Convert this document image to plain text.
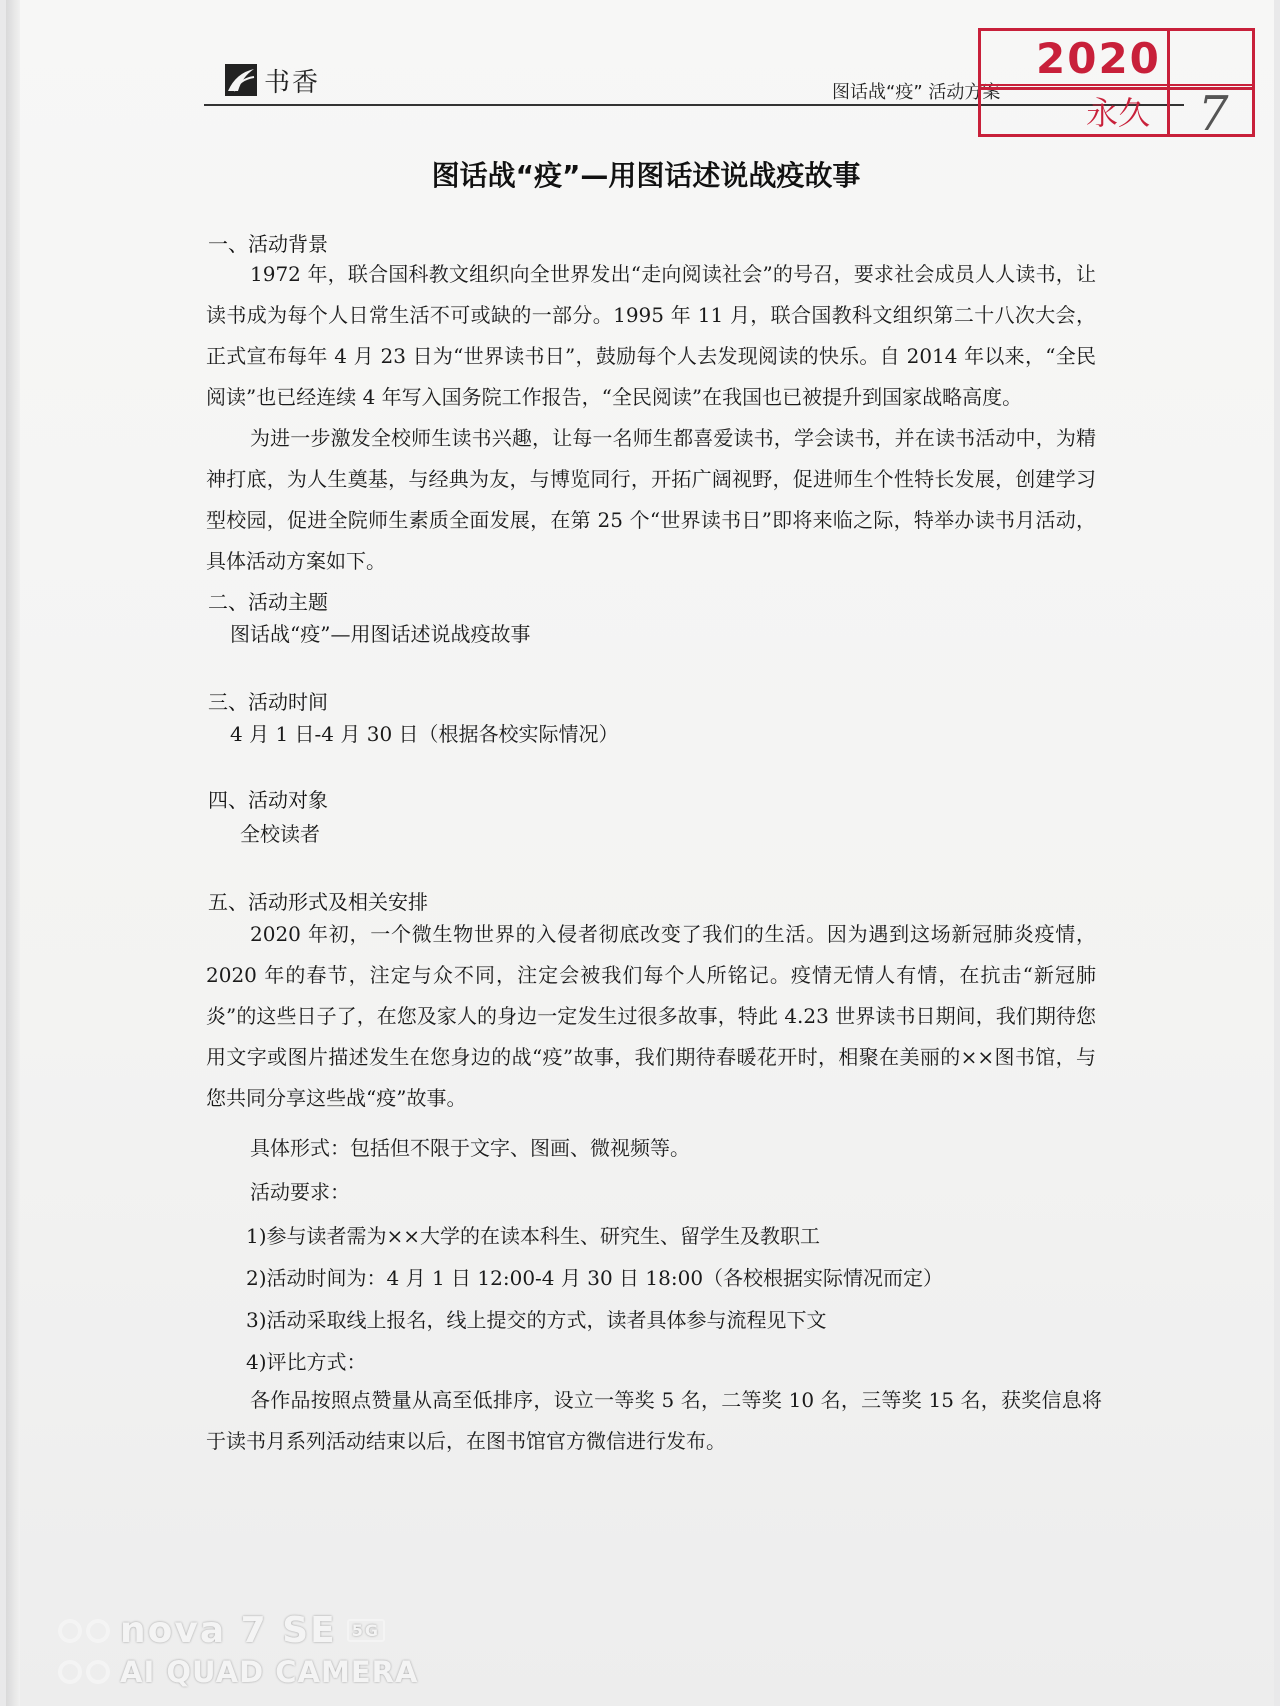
书香	图话战“疫” 活动方案
2020
永久 7
图话战“疫”—用图话述说战疫故事
一、活动背景
1972 年，联合国科教文组织向全世界发出“走向阅读社会”的号召，要求社会成员人人读书，让读书成为每个人日常生活不可或缺的一部分。1995 年 11 月，联合国教科文组织第二十八次大会，正式宣布每年 4 月 23 日为“世界读书日”，鼓励每个人去发现阅读的快乐。自 2014 年以来，“全民阅读”也已经连续 4 年写入国务院工作报告，“全民阅读”在我国也已被提升到国家战略高度。
为进一步激发全校师生读书兴趣，让每一名师生都喜爱读书，学会读书，并在读书活动中，为精神打底，为人生奠基，与经典为友，与博览同行，开拓广阔视野，促进师生个性特长发展，创建学习型校园，促进全院师生素质全面发展，在第 25 个“世界读书日”即将来临之际，特举办读书月活动，具体活动方案如下。
二、活动主题
图话战“疫”—用图话述说战疫故事
三、活动时间
4 月 1 日-4 月 30 日（根据各校实际情况）
四、活动对象
全校读者
五、活动形式及相关安排
2020 年初，一个微生物世界的入侵者彻底改变了我们的生活。因为遇到这场新冠肺炎疫情，2020 年的春节，注定与众不同，注定会被我们每个人所铭记。疫情无情人有情，在抗击“新冠肺炎”的这些日子了，在您及家人的身边一定发生过很多故事，特此 4.23 世界读书日期间，我们期待您用文字或图片描述发生在您身边的战“疫”故事，我们期待春暖花开时，相聚在美丽的××图书馆，与您共同分享这些战“疫”故事。
具体形式：包括但不限于文字、图画、微视频等。
活动要求：
1)参与读者需为××大学的在读本科生、研究生、留学生及教职工
2)活动时间为：4 月 1 日 12:00-4 月 30 日 18:00（各校根据实际情况而定）
3)活动采取线上报名，线上提交的方式，读者具体参与流程见下文
4)评比方式：
各作品按照点赞量从高至低排序，设立一等奖 5 名，二等奖 10 名，三等奖 15 名，获奖信息将于读书月系列活动结束以后，在图书馆官方微信进行发布。
nova 7 SE 5G
AI QUAD CAMERA
